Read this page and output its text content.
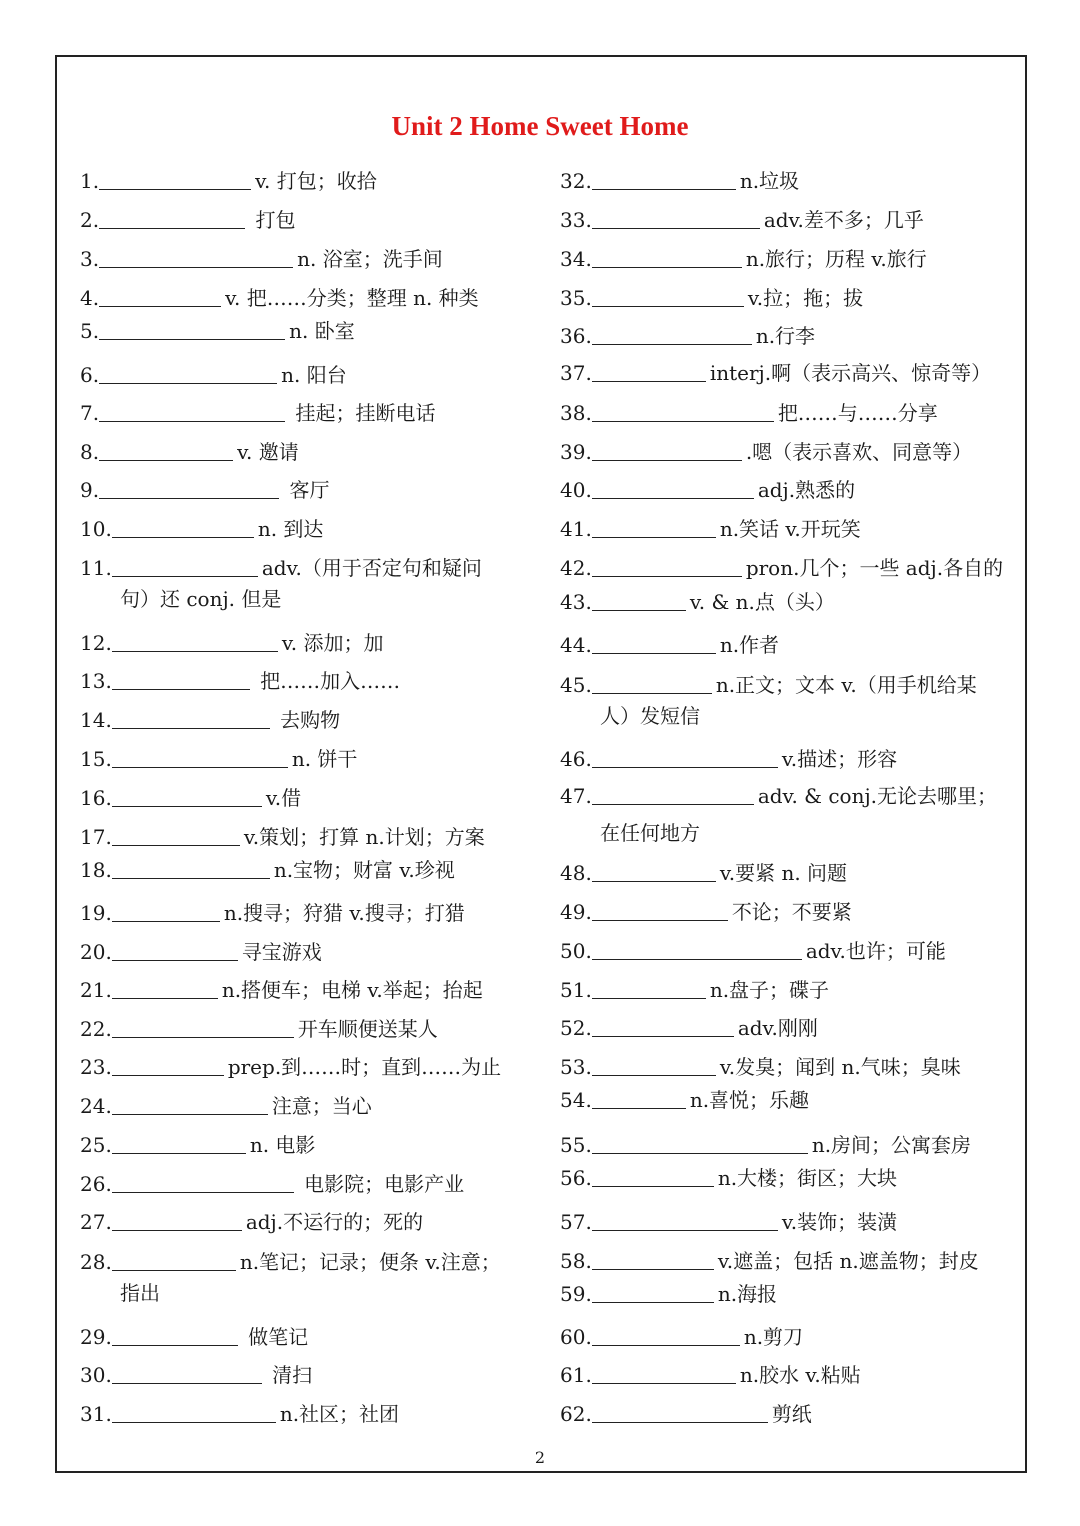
Unit 2 Home Sweet Home
1.	v. 打包；收拾
2.	打包
3.	n. 浴室；洗手间
4.	v. 把……分类；整理 n. 种类
5.	n. 卧室
6.	n. 阳台
7.	挂起；挂断电话
8.	v. 邀请
9.	客厅
10.	n. 到达
11.	adv.（用于否定句和疑问
句）还 conj. 但是
12.	v. 添加；加
13.	把……加入……
14.	去购物
15.	n. 饼干
16.	v.借
17.	v.策划；打算 n.计划；方案
18.	n.宝物；财富 v.珍视
19.	n.搜寻；狩猎 v.搜寻；打猎
20.	寻宝游戏
21.	n.搭便车；电梯 v.举起；抬起
22.	开车顺便送某人
23.	prep.到……时；直到……为止
24.	注意；当心
25.	n. 电影
26.	电影院；电影产业
27.	adj.不运行的；死的
28.	n.笔记；记录；便条 v.注意；
指出
29.	做笔记
30.	清扫
31.	n.社区；社团
32.	n.垃圾
33.	adv.差不多；几乎
34.	n.旅行；历程 v.旅行
35.	v.拉；拖；拔
36.	n.行李
37.	interj.啊（表示高兴、惊奇等）
38.	把……与……分享
39.	.嗯（表示喜欢、同意等）
40.	adj.熟悉的
41.	n.笑话 v.开玩笑
42.	pron.几个；一些 adj.各自的
43.	v. & n.点（头）
44.	n.作者
45.	n.正文；文本 v.（用手机给某
人）发短信
46.	v.描述；形容
47.	adv. & conj.无论去哪里；
在任何地方
48.	v.要紧 n. 问题
49.	不论；不要紧
50.	adv.也许；可能
51.	n.盘子；碟子
52.	adv.刚刚
53.	v.发臭；闻到 n.气味；臭味
54.	n.喜悦；乐趣
55.	n.房间；公寓套房
56.	n.大楼；街区；大块
57.	v.装饰；装潢
58.	v.遮盖；包括 n.遮盖物；封皮
59.	n.海报
60.	n.剪刀
61.	n.胶水 v.粘贴
62.	剪纸
2
